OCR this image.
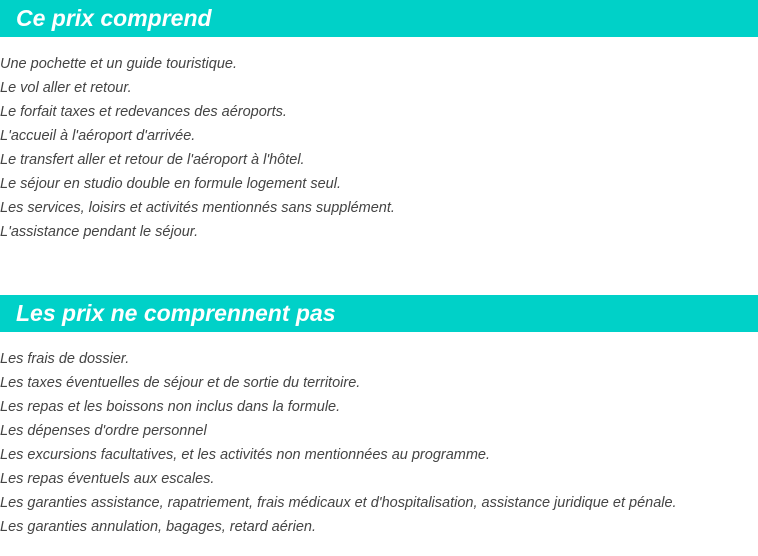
Ce prix comprend
Une pochette et un guide touristique.
Le vol aller et retour.
Le forfait taxes et redevances des aéroports.
L'accueil à l'aéroport d'arrivée.
Le transfert aller et retour de l'aéroport à l'hôtel.
Le séjour en studio double en formule logement seul.
Les services, loisirs et activités mentionnés sans supplément.
L'assistance pendant le séjour.
Les prix ne comprennent pas
Les frais de dossier.
Les taxes éventuelles de séjour et de sortie du territoire.
Les repas et les boissons non inclus dans la formule.
Les dépenses d'ordre personnel
Les excursions facultatives, et les activités non mentionnées au programme.
Les repas éventuels aux escales.
Les garanties assistance, rapatriement, frais médicaux et d'hospitalisation, assistance juridique et pénale.
Les garanties annulation, bagages, retard aérien.
